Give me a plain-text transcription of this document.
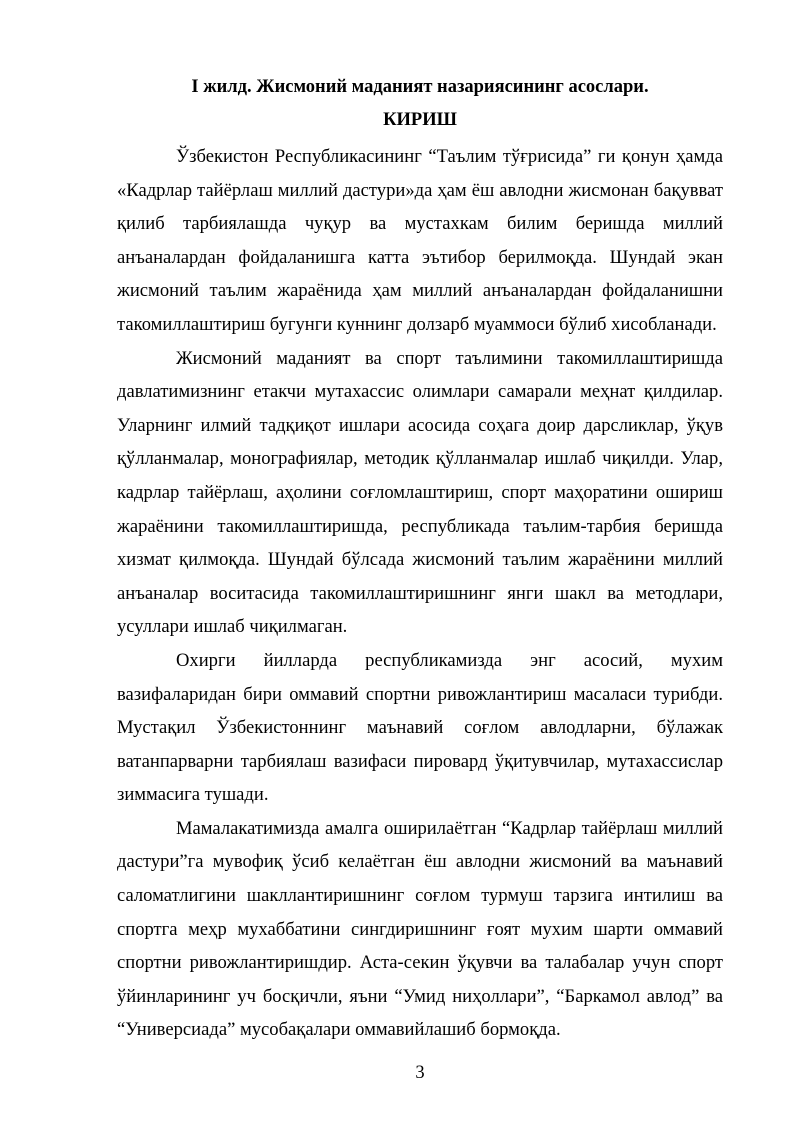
I жилд. Жисмоний маданият назариясининг асослари.
КИРИШ

Ўзбекистон Республикасининг “Таълим тўғрисида” ги қонун ҳамда «Кадрлар тайёрлаш миллий дастури»да ҳам ёш авлодни жисмонан бақувват қилиб тарбиялашда чуқур ва мустахкам билим беришда миллий анъаналардан фойдаланишга катта эътибор берилмоқда. Шундай экан жисмоний таълим жараёнида ҳам миллий анъаналардан фойдаланишни такомиллаштириш бугунги куннинг долзарб муаммоси бўлиб хисобланади.

Жисмоний маданият ва спорт таълимини такомиллаштиришда давлатимизнинг етакчи мутахассис олимлари самарали меҳнат қилдилар. Уларнинг илмий тадқиқот ишлари асосида соҳага доир дарсликлар, ўқув қўлланмалар, монографиялар, методик қўлланмалар ишлаб чиқилди. Улар, кадрлар тайёрлаш, аҳолини соғломлаштириш, спорт маҳоратини ошириш жараёнини такомиллаштиришда, республикада таълим-тарбия беришда хизмат қилмоқда. Шундай бўлсада жисмоний таълим жараёнини миллий анъаналар воситасида такомиллаштиришнинг янги шакл ва методлари, усуллари ишлаб чиқилмаган.

Охирги йилларда республикамизда энг асосий, мухим вазифаларидан бири оммавий спортни ривожлантириш масаласи турибди. Мустақил Ўзбекистоннинг маънавий соғлом авлодларни, бўлажак ватанпарварни тарбиялаш вазифаси пировард ўқитувчилар, мутахассислар зиммасига тушади.

Мамалакатимизда амалга оширилаётган “Кадрлар тайёрлаш миллий дастури”га мувофиқ ўсиб келаётган ёш авлодни жисмоний ва маънавий саломатлигини шакллантиришнинг соғлом турмуш тарзига интилиш ва спортга меҳр мухаббатини сингдиришнинг ғоят мухим шарти оммавий спортни ривожлантиришдир. Аста-секин ўқувчи ва талабалар учун спорт ўйинларининг уч босқичли, яъни “Умид ниҳоллари”, “Баркамол авлод” ва “Универсиада” мусобақалари оммавийлашиб бормоқда.

3
